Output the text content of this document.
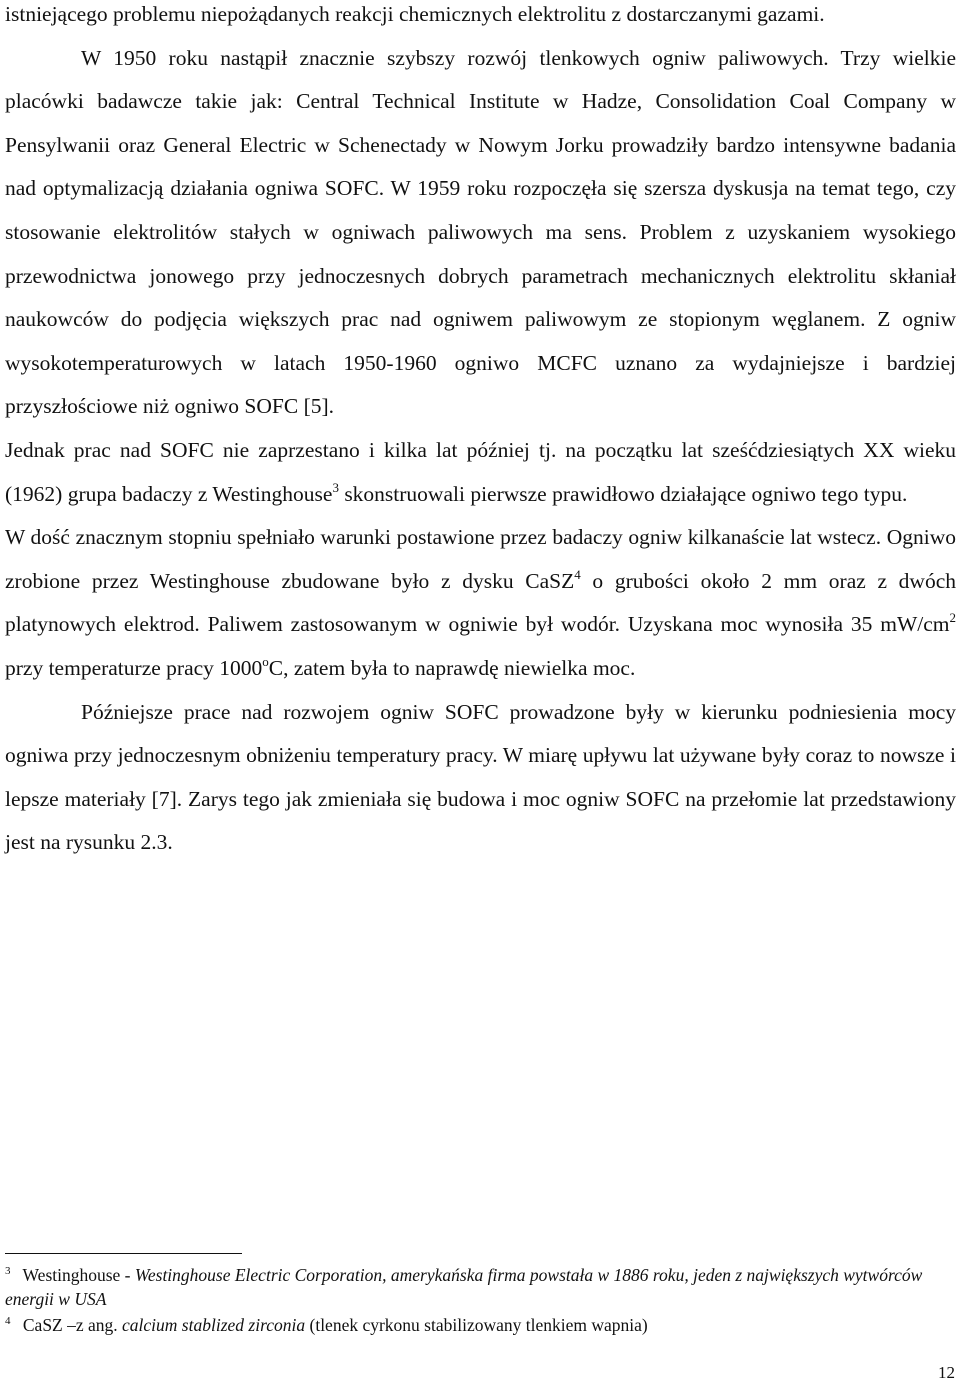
istniejącego problemu niepożądanych reakcji chemicznych elektrolitu z dostarczanymi gazami.

W 1950 roku nastąpił znacznie szybszy rozwój tlenkowych ogniw paliwowych. Trzy wielkie placówki badawcze takie jak: Central Technical Institute w Hadze, Consolidation Coal Company w Pensylwanii oraz General Electric w Schenectady w Nowym Jorku prowadziły bardzo intensywne badania nad optymalizacją działania ogniwa SOFC. W 1959 roku rozpoczęła się szersza dyskusja na temat tego, czy stosowanie elektrolitów stałych w ogniwach paliwowych ma sens. Problem z uzyskaniem wysokiego przewodnictwa jonowego przy jednoczesnych dobrych parametrach mechanicznych elektrolitu skłaniał naukowców do podjęcia większych prac nad ogniwem paliwowym ze stopionym węglanem. Z ogniw wysokotemperaturowych w latach 1950-1960 ogniwo MCFC uznano za wydajniejsze i bardziej przyszłościowe niż ogniwo SOFC [5].

Jednak prac nad SOFC nie zaprzestano i kilka lat później tj. na początku lat sześćdziesiątych XX wieku (1962) grupa badaczy z Westinghouse$^3$ skonstruowali pierwsze prawidłowo działające ogniwo tego typu.

W dość znacznym stopniu spełniało warunki postawione przez badaczy ogniw kilkanaście lat wstecz. Ogniwo zrobione przez Westinghouse zbudowane było z dysku CaSZ$^4$ o grubości około 2 mm oraz z dwóch platynowych elektrod. Paliwem zastosowanym w ogniwie był wodór. Uzyskana moc wynosiła 35 $mW/cm^2$ przy temperaturze pracy 1000$^o$C, zatem była to naprawdę niewielka moc.

Późniejsze prace nad rozwojem ogniw SOFC prowadzone były w kierunku podniesienia mocy ogniwa przy jednoczesnym obniżeniu temperatury pracy. W miarę upływu lat używane były coraz to nowsze i lepsze materiały [7]. Zarys tego jak zmieniała się budowa i moc ogniw SOFC na przełomie lat przedstawiony jest na rysunku 2.3.

$^3$ Westinghouse - Westinghouse Electric Corporation, amerykańska firma powstała w 1886 roku, jeden z największych wytwórców energii w USA

$^4$ CaSZ –z ang. calcium stablized zirconia (tlenek cyrkonu stabilizowany tlenkiem wapnia)

12
